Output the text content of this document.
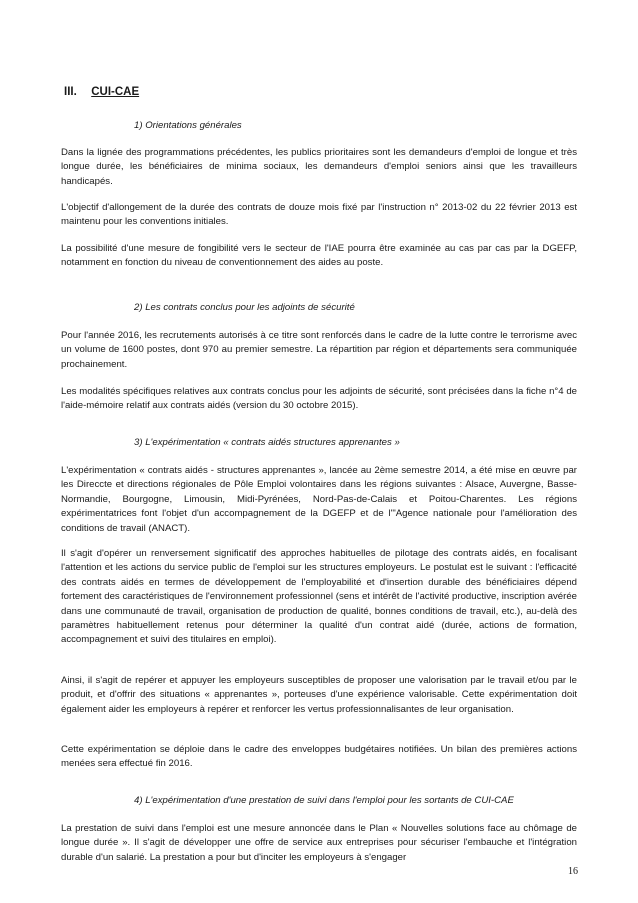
III. CUI-CAE
1) Orientations générales

Dans la lignée des programmations précédentes, les publics prioritaires sont les demandeurs d'emploi de longue et très longue durée, les bénéficiaires de minima sociaux, les demandeurs d'emploi seniors ainsi que les travailleurs handicapés.

L'objectif d'allongement de la durée des contrats de douze mois fixé par l'instruction n° 2013-02 du 22 février 2013 est maintenu pour les conventions initiales.

La possibilité d'une mesure de fongibilité vers le secteur de l'IAE pourra être examinée au cas par cas par la DGEFP, notamment en fonction du niveau de conventionnement des aides au poste.

2) Les contrats conclus pour les adjoints de sécurité

Pour l'année 2016, les recrutements autorisés à ce titre sont renforcés dans le cadre de la lutte contre le terrorisme avec un volume de 1600 postes, dont 970 au premier semestre. La répartition par région et départements sera communiquée prochainement.

Les modalités spécifiques relatives aux contrats conclus pour les adjoints de sécurité, sont précisées dans la fiche n°4 de l'aide-mémoire relatif aux contrats aidés (version du 30 octobre 2015).

3) L'expérimentation « contrats aidés structures apprenantes »

L'expérimentation « contrats aidés - structures apprenantes », lancée au 2ème semestre 2014, a été mise en œuvre par les Direccte et directions régionales de Pôle Emploi volontaires dans les régions suivantes : Alsace, Auvergne, Basse-Normandie, Bourgogne, Limousin, Midi-Pyrénées, Nord-Pas-de-Calais et Poitou-Charentes. Les régions expérimentatrices font l'objet d'un accompagnement de la DGEFP et de l'"Agence nationale pour l'amélioration des conditions de travail (ANACT).

Il s'agit d'opérer un renversement significatif des approches habituelles de pilotage des contrats aidés, en focalisant l'attention et les actions du service public de l'emploi sur les structures employeurs. Le postulat est le suivant : l'efficacité des contrats aidés en termes de développement de l'employabilité et d'insertion durable des bénéficiaires dépend fortement des caractéristiques de l'environnement professionnel (sens et intérêt de l'activité productive, inscription avérée dans une communauté de travail, organisation de production de qualité, bonnes conditions de travail, etc.), au-delà des paramètres habituellement retenus pour déterminer la qualité d'un contrat aidé (durée, actions de formation, accompagnement et suivi des titulaires en emploi).

Ainsi, il s'agit de repérer et appuyer les employeurs susceptibles de proposer une valorisation par le travail et/ou par le produit, et d'offrir des situations « apprenantes », porteuses d'une expérience valorisable. Cette expérimentation doit également aider les employeurs à repérer et renforcer les vertus professionnalisantes de leur organisation.

Cette expérimentation se déploie dans le cadre des enveloppes budgétaires notifiées. Un bilan des premières actions menées sera effectué fin 2016.

4) L'expérimentation d'une prestation de suivi dans l'emploi pour les sortants de CUI-CAE

La prestation de suivi dans l'emploi est une mesure annoncée dans le Plan « Nouvelles solutions face au chômage de longue durée ». Il s'agit de développer une offre de service aux entreprises pour sécuriser l'embauche et l'intégration durable d'un salarié. La prestation a pour but d'inciter les employeurs à s'engager

16
